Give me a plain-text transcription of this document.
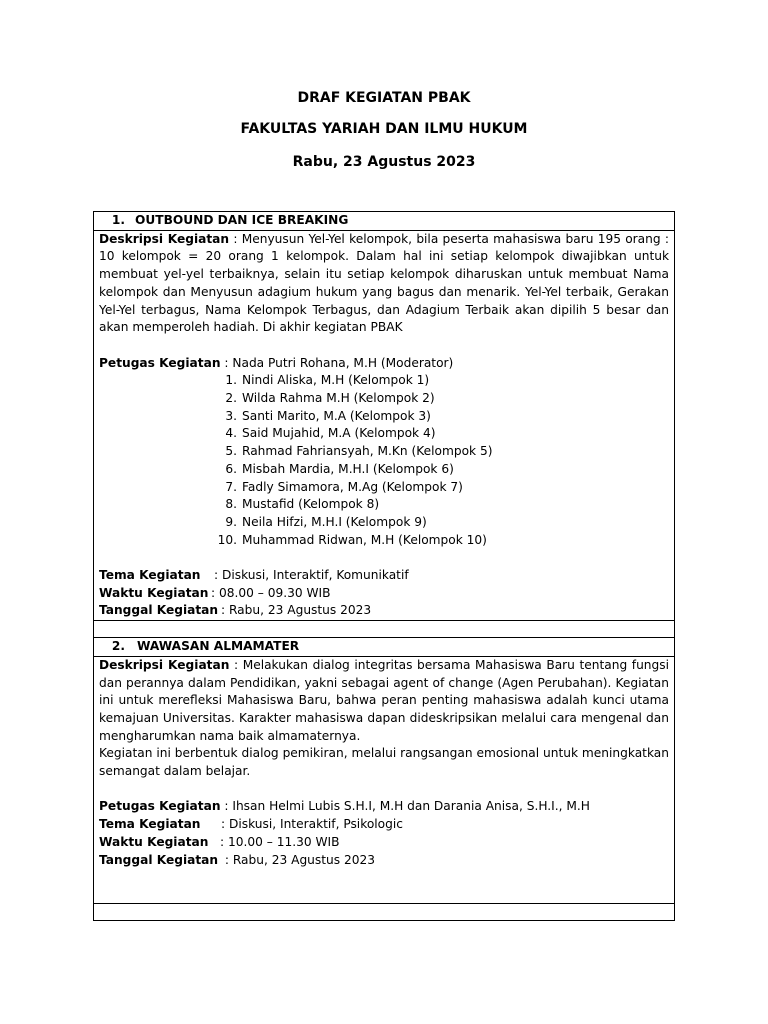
DRAF KEGIATAN PBAK

FAKULTAS YARIAH DAN ILMU HUKUM

Rabu, 23 Agustus 2023

1. OUTBOUND DAN ICE BREAKING

Deskripsi Kegiatan : Menyusun Yel-Yel kelompok, bila peserta mahasiswa baru 195 orang : 10 kelompok = 20 orang 1 kelompok. Dalam hal ini setiap kelompok diwajibkan untuk membuat yel-yel terbaiknya, selain itu setiap kelompok diharuskan untuk membuat Nama kelompok dan Menyusun adagium hukum yang bagus dan menarik. Yel-Yel terbaik, Gerakan Yel-Yel terbagus, Nama Kelompok Terbagus, dan Adagium Terbaik akan dipilih 5 besar dan akan memperoleh hadiah. Di akhir kegiatan PBAK

Petugas Kegiatan : Nada Putri Rohana, M.H (Moderator)

1. Nindi Aliska, M.H (Kelompok 1)
2. Wilda Rahma M.H (Kelompok 2)
3. Santi Marito, M.A (Kelompok 3)
4. Said Mujahid, M.A (Kelompok 4)
5. Rahmad Fahriansyah, M.Kn (Kelompok 5)
6. Misbah Mardia, M.H.I (Kelompok 6)
7. Fadly Simamora, M.Ag (Kelompok 7)
8. Mustafid (Kelompok 8)
9. Neila Hifzi, M.H.I (Kelompok 9)
10. Muhammad Ridwan, M.H (Kelompok 10)

Tema Kegiatan : Diskusi, Interaktif, Komunikatif

Waktu Kegiatan : 08.00 – 09.30 WIB

Tanggal Kegiatan : Rabu, 23 Agustus 2023

2. WAWASAN ALMAMATER

Deskripsi Kegiatan : Melakukan dialog integritas bersama Mahasiswa Baru tentang fungsi dan perannya dalam Pendidikan, yakni sebagai agent of change (Agen Perubahan). Kegiatan ini untuk merefleksi Mahasiswa Baru, bahwa peran penting mahasiswa adalah kunci utama kemajuan Universitas. Karakter mahasiswa dapan dideskripsikan melalui cara mengenal dan mengharumkan nama baik almamaternya.

Kegiatan ini berbentuk dialog pemikiran, melalui rangsangan emosional untuk meningkatkan semangat dalam belajar.

Petugas Kegiatan : Ihsan Helmi Lubis S.H.I, M.H dan Darania Anisa, S.H.I., M.H

Tema Kegiatan : Diskusi, Interaktif, Psikologic

Waktu Kegiatan : 10.00 – 11.30 WIB

Tanggal Kegiatan : Rabu, 23 Agustus 2023
